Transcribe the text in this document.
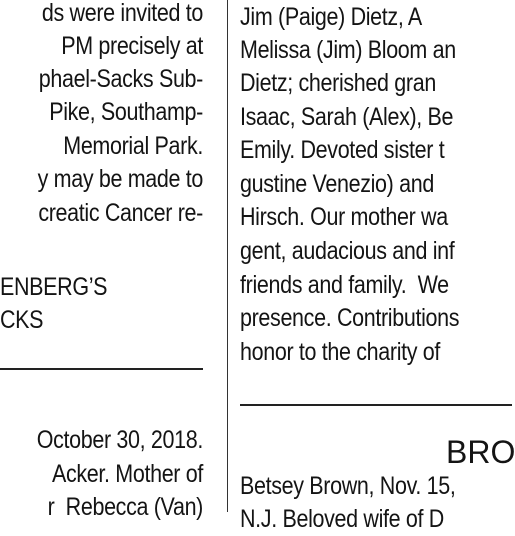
ds were invited to
PM precisely at
phael-Sacks Sub-
Pike, Southamp-
Memorial Park.
y may be made to
creatic Cancer re-
ENBERG’S
CKS
October 30, 2018.
Acker. Mother of
r  Rebecca (Van)
Jim (Paige) Dietz, A
Melissa (Jim) Bloom an
Dietz; cherished gran
Isaac, Sarah (Alex), Be
Emily. Devoted sister t
gustine Venezio) and
Hirsch. Our mother wa
gent, audacious and inf
friends and family.  We
presence. Contributions
honor to the charity of
BRO
Betsey Brown, Nov. 15,
N.J. Beloved wife of D
